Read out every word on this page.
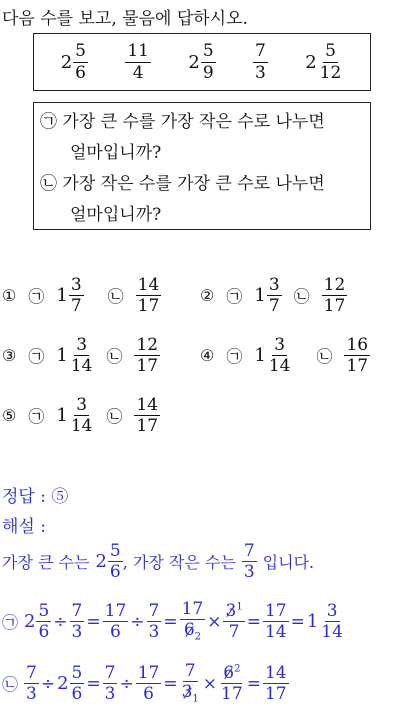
다음 수를 보고, 물음에 답하시오.
$2 \frac{5}{6} \frac{11}{4} 2 \frac{5}{9} \frac{7}{3} 2 \frac{5}{12}$
㉠ 가장 큰 수를 가장 작은 수로 나누면
얼마입니까?
㉡ 가장 작은 수를 가장 큰 수로 나누면
얼마입니까?
① ㉠ $1 \frac{3}{7}$ ㉡ $\frac{14}{17}$ ② ㉠ $1 \frac{3}{7}$ ㉡ $\frac{12}{17}$
③ ㉠ $1 \frac{3}{14}$ ㉡ $\frac{12}{17}$ ④ ㉠ $1 \frac{3}{14}$ ㉡ $\frac{16}{17}$
⑤ ㉠ $1 \frac{3}{14}$ ㉡ $\frac{14}{17}$
정답 : ⑤
해설 :
가장 큰 수는 $2 \frac{5}{6}$ , 가장 작은 수는 $\frac{7}{3}$ 입니다.
㉠ $2 \frac{5}{6} \div \frac{7}{3} = \frac{17}{6} \div \frac{7}{3} = \frac{17}{6_2} \times \frac{3^1}{7} = \frac{17}{14} = 1 \frac{3}{14}$
㉡ $\frac{7}{3} \div 2 \frac{5}{6} = \frac{7}{3} \div \frac{17}{6} = \frac{7}{3_1} \times \frac{6^2}{17} = \frac{14}{17}$
